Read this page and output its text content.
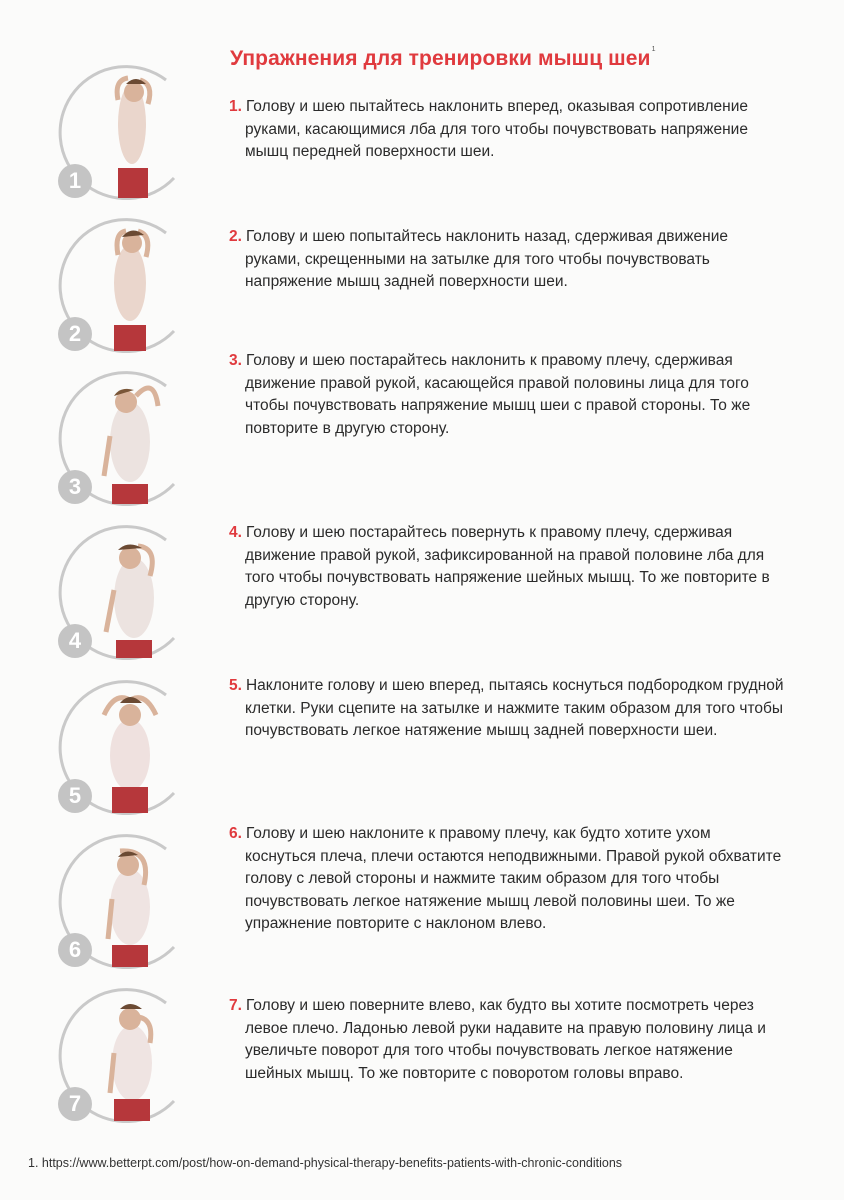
Упражнения для тренировки мышц шеи$^1$
1
1. Голову и шею пытайтесь наклонить вперед, оказывая сопротивление руками, касающимися лба для того чтобы почувствовать напряжение мышц передней поверхности шеи.
2
2. Голову и шею попытайтесь наклонить назад, сдерживая движение руками, скрещенными на затылке для того чтобы почувствовать напряжение мышц задней поверхности шеи.
3
3. Голову и шею постарайтесь наклонить к правому плечу, сдерживая движение правой рукой, касающейся правой половины лица для того чтобы почувствовать напряжение мышц шеи с правой стороны. То же повторите в другую сторону.
4
4. Голову и шею постарайтесь повернуть к правому плечу, сдерживая движение правой рукой, зафиксированной на правой половине лба для того чтобы почувствовать напряжение шейных мышц. То же повторите в другую сторону.
5
5. Наклоните голову и шею вперед, пытаясь коснуться подбородком грудной клетки. Руки сцепите на затылке и нажмите таким образом для того чтобы почувствовать легкое натяжение мышц задней поверхности шеи.
6
6. Голову и шею наклоните к правому плечу, как будто хотите ухом коснуться плеча, плечи остаются неподвижными. Правой рукой обхватите голову с левой стороны и нажмите таким образом для того чтобы почувствовать легкое натяжение мышц левой половины шеи. То же упражнение повторите с наклоном влево.
7
7. Голову и шею поверните влево, как будто вы хотите посмотреть через левое плечо. Ладонью левой руки надавите на правую половину лица и увеличьте поворот для того чтобы почувствовать легкое натяжение шейных мышц. То же повторите с поворотом головы вправо.
1. https://www.betterpt.com/post/how-on-demand-physical-therapy-benefits-patients-with-chronic-conditions
